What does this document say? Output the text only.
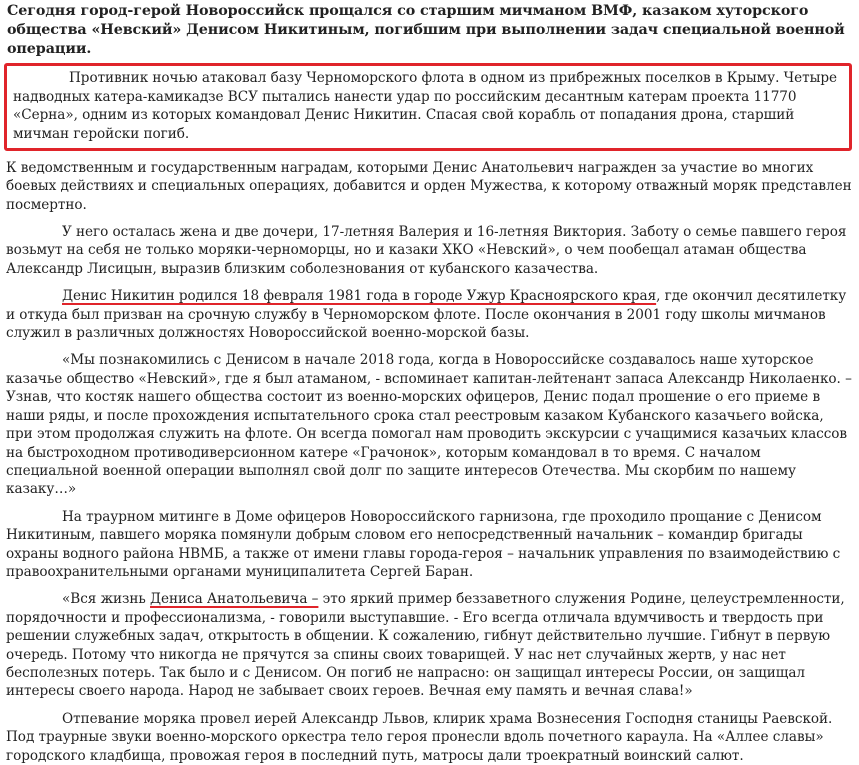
Сегодня город-герой Новороссийск прощался со старшим мичманом ВМФ, казаком хуторского общества «Невский» Денисом Никитиным, погибшим при выполнении задач специальной военной операции.

Противник ночью атаковал базу Черноморского флота в одном из прибрежных поселков в Крыму. Четыре надводных катера-камикадзе ВСУ пытались нанести удар по российским десантным катерам проекта 11770 «Серна», одним из которых командовал Денис Никитин. Спасая свой корабль от попадания дрона, старший мичман геройски погиб.

К ведомственным и государственным наградам, которыми Денис Анатольевич награжден за участие во многих боевых действиях и специальных операциях, добавится и орден Мужества, к которому отважный моряк представлен посмертно.

У него осталась жена и две дочери, 17-летняя Валерия и 16-летняя Виктория. Заботу о семье павшего героя возьмут на себя не только моряки-черноморцы, но и казаки ХКО «Невский», о чем пообещал атаман общества Александр Лисицын, выразив близким соболезнования от кубанского казачества.

Денис Никитин родился 18 февраля 1981 года в городе Ужур Красноярского края, где окончил десятилетку и откуда был призван на срочную службу в Черноморском флоте. После окончания в 2001 году школы мичманов служил в различных должностях Новороссийской военно-морской базы.

«Мы познакомились с Денисом в начале 2018 года, когда в Новороссийске создавалось наше хуторское казачье общество «Невский», где я был атаманом, - вспоминает капитан-лейтенант запаса Александр Николаенко. – Узнав, что костяк нашего общества состоит из военно-морских офицеров, Денис подал прошение о его приеме в наши ряды, и после прохождения испытательного срока стал реестровым казаком Кубанского казачьего войска, при этом продолжая служить на флоте. Он всегда помогал нам проводить экскурсии с учащимися казачьих классов на быстроходном противодиверсионном катере «Грачонок», которым командовал в то время. С началом специальной военной операции выполнял свой долг по защите интересов Отечества. Мы скорбим по нашему казаку…»

На траурном митинге в Доме офицеров Новороссийского гарнизона, где проходило прощание с Денисом Никитиным, павшего моряка помянули добрым словом его непосредственный начальник – командир бригады охраны водного района НВМБ, а также от имени главы города-героя – начальник управления по взаимодействию с правоохранительными органами муниципалитета Сергей Баран.

«Вся жизнь Дениса Анатольевича – это яркий пример беззаветного служения Родине, целеустремленности, порядочности и профессионализма, - говорили выступавшие. - Его всегда отличала вдумчивость и твердость при решении служебных задач, открытость в общении. К сожалению, гибнут действительно лучшие. Гибнут в первую очередь. Потому что никогда не прячутся за спины своих товарищей. У нас нет случайных жертв, у нас нет бесполезных потерь. Так было и с Денисом. Он погиб не напрасно: он защищал интересы России, он защищал интересы своего народа. Народ не забывает своих героев. Вечная ему память и вечная слава!»

Отпевание моряка провел иерей Александр Львов, клирик храма Вознесения Господня станицы Раевской. Под траурные звуки военно-морского оркестра тело героя пронесли вдоль почетного караула. На «Аллее славы» городского кладбища, провожая героя в последний путь, матросы дали троекратный воинский салют.
